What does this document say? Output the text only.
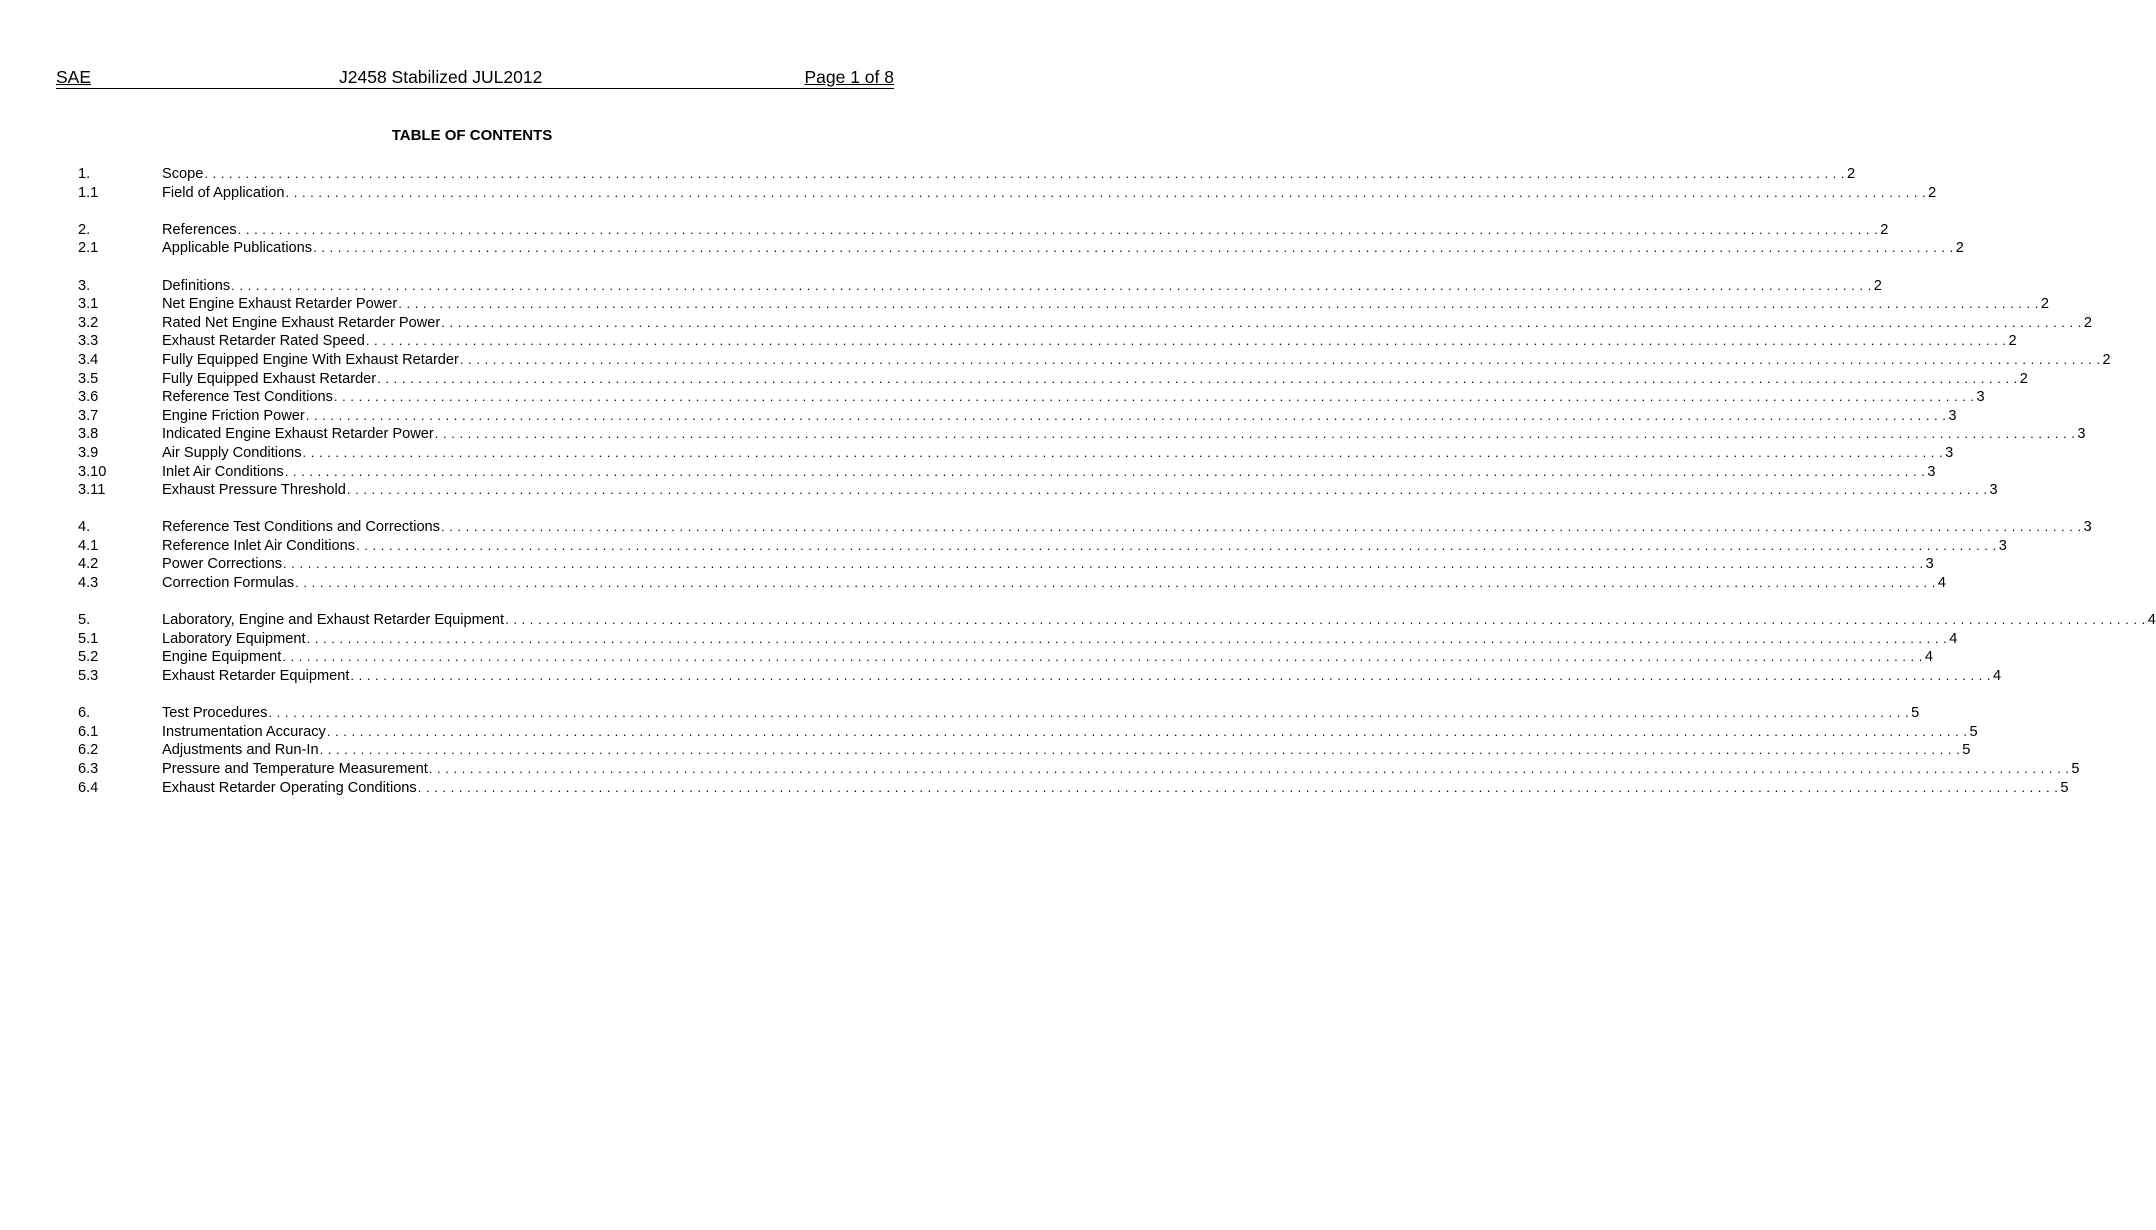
SAE	J2458 Stabilized JUL2012	Page 1 of 8
TABLE OF CONTENTS
1.	Scope . . . . . . . . . . . . . . . . . . . . . . . . . . . . . . . . . . . . . . . . . . . . . . . . . . . . . . . . . . . . . . . . . . . . . . . . . . . . . . . . . . . . . . . . . . . . . . . . . . . . . . . . . . . . . . . . . . . . . . . . . . . . . . . . . . . . . . . . . . . . . . . . . . . . . . . . . . . . . . . . . . . . . . . . . . . . . . . . . . . . . . . . . . . . . . . . . . . . . . . . 2
1.1	Field of Application . . . . . . . . . . . . . . . . . . . . . . . . . . . . . . . . . . . . . . . . . . . . . . . . . . . . . . . . . . . . . . . . . . . . . . . . . . . . . . . . . . . . . . . . . . . . . . . . . . . . . . . . . . . . . . . . . . . . . . . . . . . . . . . . . . . . . . . . . . . . . . . . . . . . . . . . . . . . . . . . . . . . . . . . . . . . . . . . . . . . . . . . . . . . . . . . . . . . . . . . 2
2.	References . . . . . . . . . . . . . . . . . . . . . . . . . . . . . . . . . . . . . . . . . . . . . . . . . . . . . . . . . . . . . . . . . . . . . . . . . . . . . . . . . . . . . . . . . . . . . . . . . . . . . . . . . . . . . . . . . . . . . . . . . . . . . . . . . . . . . . . . . . . . . . . . . . . . . . . . . . . . . . . . . . . . . . . . . . . . . . . . . . . . . . . . . . . . . . . . . . . . . . . . 2
2.1	Applicable Publications . . . . . . . . . . . . . . . . . . . . . . . . . . . . . . . . . . . . . . . . . . . . . . . . . . . . . . . . . . . . . . . . . . . . . . . . . . . . . . . . . . . . . . . . . . . . . . . . . . . . . . . . . . . . . . . . . . . . . . . . . . . . . . . . . . . . . . . . . . . . . . . . . . . . . . . . . . . . . . . . . . . . . . . . . . . . . . . . . . . . . . . . . . . . . . . . . . . . . . . . 2
3.	Definitions . . . . . . . . . . . . . . . . . . . . . . . . . . . . . . . . . . . . . . . . . . . . . . . . . . . . . . . . . . . . . . . . . . . . . . . . . . . . . . . . . . . . . . . . . . . . . . . . . . . . . . . . . . . . . . . . . . . . . . . . . . . . . . . . . . . . . . . . . . . . . . . . . . . . . . . . . . . . . . . . . . . . . . . . . . . . . . . . . . . . . . . . . . . . . . . . . . . . . . . . 2
3.1	Net Engine Exhaust Retarder Power . . . . . . . . . . . . . . . . . . . . . . . . . . . . . . . . . . . . . . . . . . . . . . . . . . . . . . . . . . . . . . . . . . . . . . . . . . . . . . . . . . . . . . . . . . . . . . . . . . . . . . . . . . . . . . . . . . . . . . . . . . . . . . . . . . . . . . . . . . . . . . . . . . . . . . . . . . . . . . . . . . . . . . . . . . . . . . . . . . . . . . . . . . . . . . . . . . . . . . . . 2
3.2	Rated Net Engine Exhaust Retarder Power . . . . . . . . . . . . . . . . . . . . . . . . . . . . . . . . . . . . . . . . . . . . . . . . . . . . . . . . . . . . . . . . . . . . . . . . . . . . . . . . . . . . . . . . . . . . . . . . . . . . . . . . . . . . . . . . . . . . . . . . . . . . . . . . . . . . . . . . . . . . . . . . . . . . . . . . . . . . . . . . . . . . . . . . . . . . . . . . . . . . . . . . . . . . . . . . . . . . . . . . 2
3.3	Exhaust Retarder Rated Speed . . . . . . . . . . . . . . . . . . . . . . . . . . . . . . . . . . . . . . . . . . . . . . . . . . . . . . . . . . . . . . . . . . . . . . . . . . . . . . . . . . . . . . . . . . . . . . . . . . . . . . . . . . . . . . . . . . . . . . . . . . . . . . . . . . . . . . . . . . . . . . . . . . . . . . . . . . . . . . . . . . . . . . . . . . . . . . . . . . . . . . . . . . . . . . . . . . . . . . . . 2
3.4	Fully Equipped Engine With Exhaust Retarder . . . . . . . . . . . . . . . . . . . . . . . . . . . . . . . . . . . . . . . . . . . . . . . . . . . . . . . . . . . . . . . . . . . . . . . . . . . . . . . . . . . . . . . . . . . . . . . . . . . . . . . . . . . . . . . . . . . . . . . . . . . . . . . . . . . . . . . . . . . . . . . . . . . . . . . . . . . . . . . . . . . . . . . . . . . . . . . . . . . . . . . . . . . . . . . . . . . . . . . . 2
3.5	Fully Equipped Exhaust Retarder . . . . . . . . . . . . . . . . . . . . . . . . . . . . . . . . . . . . . . . . . . . . . . . . . . . . . . . . . . . . . . . . . . . . . . . . . . . . . . . . . . . . . . . . . . . . . . . . . . . . . . . . . . . . . . . . . . . . . . . . . . . . . . . . . . . . . . . . . . . . . . . . . . . . . . . . . . . . . . . . . . . . . . . . . . . . . . . . . . . . . . . . . . . . . . . . . . . . . . . . 2
3.6	Reference Test Conditions . . . . . . . . . . . . . . . . . . . . . . . . . . . . . . . . . . . . . . . . . . . . . . . . . . . . . . . . . . . . . . . . . . . . . . . . . . . . . . . . . . . . . . . . . . . . . . . . . . . . . . . . . . . . . . . . . . . . . . . . . . . . . . . . . . . . . . . . . . . . . . . . . . . . . . . . . . . . . . . . . . . . . . . . . . . . . . . . . . . . . . . . . . . . . . . . . . . . . . . . 3
3.7	Engine Friction Power . . . . . . . . . . . . . . . . . . . . . . . . . . . . . . . . . . . . . . . . . . . . . . . . . . . . . . . . . . . . . . . . . . . . . . . . . . . . . . . . . . . . . . . . . . . . . . . . . . . . . . . . . . . . . . . . . . . . . . . . . . . . . . . . . . . . . . . . . . . . . . . . . . . . . . . . . . . . . . . . . . . . . . . . . . . . . . . . . . . . . . . . . . . . . . . . . . . . . . . . 3
3.8	Indicated Engine Exhaust Retarder Power . . . . . . . . . . . . . . . . . . . . . . . . . . . . . . . . . . . . . . . . . . . . . . . . . . . . . . . . . . . . . . . . . . . . . . . . . . . . . . . . . . . . . . . . . . . . . . . . . . . . . . . . . . . . . . . . . . . . . . . . . . . . . . . . . . . . . . . . . . . . . . . . . . . . . . . . . . . . . . . . . . . . . . . . . . . . . . . . . . . . . . . . . . . . . . . . . . . . . . . . 3
3.9	Air Supply Conditions . . . . . . . . . . . . . . . . . . . . . . . . . . . . . . . . . . . . . . . . . . . . . . . . . . . . . . . . . . . . . . . . . . . . . . . . . . . . . . . . . . . . . . . . . . . . . . . . . . . . . . . . . . . . . . . . . . . . . . . . . . . . . . . . . . . . . . . . . . . . . . . . . . . . . . . . . . . . . . . . . . . . . . . . . . . . . . . . . . . . . . . . . . . . . . . . . . . . . . . . 3
3.10	Inlet Air Conditions . . . . . . . . . . . . . . . . . . . . . . . . . . . . . . . . . . . . . . . . . . . . . . . . . . . . . . . . . . . . . . . . . . . . . . . . . . . . . . . . . . . . . . . . . . . . . . . . . . . . . . . . . . . . . . . . . . . . . . . . . . . . . . . . . . . . . . . . . . . . . . . . . . . . . . . . . . . . . . . . . . . . . . . . . . . . . . . . . . . . . . . . . . . . . . . . . . . . . . . . 3
3.11	Exhaust Pressure Threshold . . . . . . . . . . . . . . . . . . . . . . . . . . . . . . . . . . . . . . . . . . . . . . . . . . . . . . . . . . . . . . . . . . . . . . . . . . . . . . . . . . . . . . . . . . . . . . . . . . . . . . . . . . . . . . . . . . . . . . . . . . . . . . . . . . . . . . . . . . . . . . . . . . . . . . . . . . . . . . . . . . . . . . . . . . . . . . . . . . . . . . . . . . . . . . . . . . . . . . . . 3
4.	Reference Test Conditions and Corrections . . . . . . . . . . . . . . . . . . . . . . . . . . . . . . . . . . . . . . . . . . . . . . . . . . . . . . . . . . . . . . . . . . . . . . . . . . . . . . . . . . . . . . . . . . . . . . . . . . . . . . . . . . . . . . . . . . . . . . . . . . . . . . . . . . . . . . . . . . . . . . . . . . . . . . . . . . . . . . . . . . . . . . . . . . . . . . . . . . . . . . . . . . . . . . . . . . . . . . . . 3
4.1	Reference Inlet Air Conditions . . . . . . . . . . . . . . . . . . . . . . . . . . . . . . . . . . . . . . . . . . . . . . . . . . . . . . . . . . . . . . . . . . . . . . . . . . . . . . . . . . . . . . . . . . . . . . . . . . . . . . . . . . . . . . . . . . . . . . . . . . . . . . . . . . . . . . . . . . . . . . . . . . . . . . . . . . . . . . . . . . . . . . . . . . . . . . . . . . . . . . . . . . . . . . . . . . . . . . . . 3
4.2	Power Corrections . . . . . . . . . . . . . . . . . . . . . . . . . . . . . . . . . . . . . . . . . . . . . . . . . . . . . . . . . . . . . . . . . . . . . . . . . . . . . . . . . . . . . . . . . . . . . . . . . . . . . . . . . . . . . . . . . . . . . . . . . . . . . . . . . . . . . . . . . . . . . . . . . . . . . . . . . . . . . . . . . . . . . . . . . . . . . . . . . . . . . . . . . . . . . . . . . . . . . . . . 3
4.3	Correction Formulas . . . . . . . . . . . . . . . . . . . . . . . . . . . . . . . . . . . . . . . . . . . . . . . . . . . . . . . . . . . . . . . . . . . . . . . . . . . . . . . . . . . . . . . . . . . . . . . . . . . . . . . . . . . . . . . . . . . . . . . . . . . . . . . . . . . . . . . . . . . . . . . . . . . . . . . . . . . . . . . . . . . . . . . . . . . . . . . . . . . . . . . . . . . . . . . . . . . . . . . . 4
5.	Laboratory, Engine and Exhaust Retarder Equipment . . . . . . . . . . . . . . . . . . . . . . . . . . . . . . . . . . . . . . . . . . . . . . . . . . . . . . . . . . . . . . . . . . . . . . . . . . . . . . . . . . . . . . . . . . . . . . . . . . . . . . . . . . . . . . . . . . . . . . . . . . . . . . . . . . . . . . . . . . . . . . . . . . . . . . . . . . . . . . . . . . . . . . . . . . . . . . . . . . . . . . . . . . . . . . . . . . . . . . . . 4
5.1	Laboratory Equipment . . . . . . . . . . . . . . . . . . . . . . . . . . . . . . . . . . . . . . . . . . . . . . . . . . . . . . . . . . . . . . . . . . . . . . . . . . . . . . . . . . . . . . . . . . . . . . . . . . . . . . . . . . . . . . . . . . . . . . . . . . . . . . . . . . . . . . . . . . . . . . . . . . . . . . . . . . . . . . . . . . . . . . . . . . . . . . . . . . . . . . . . . . . . . . . . . . . . . . . . 4
5.2	Engine Equipment . . . . . . . . . . . . . . . . . . . . . . . . . . . . . . . . . . . . . . . . . . . . . . . . . . . . . . . . . . . . . . . . . . . . . . . . . . . . . . . . . . . . . . . . . . . . . . . . . . . . . . . . . . . . . . . . . . . . . . . . . . . . . . . . . . . . . . . . . . . . . . . . . . . . . . . . . . . . . . . . . . . . . . . . . . . . . . . . . . . . . . . . . . . . . . . . . . . . . . . . 4
5.3	Exhaust Retarder Equipment . . . . . . . . . . . . . . . . . . . . . . . . . . . . . . . . . . . . . . . . . . . . . . . . . . . . . . . . . . . . . . . . . . . . . . . . . . . . . . . . . . . . . . . . . . . . . . . . . . . . . . . . . . . . . . . . . . . . . . . . . . . . . . . . . . . . . . . . . . . . . . . . . . . . . . . . . . . . . . . . . . . . . . . . . . . . . . . . . . . . . . . . . . . . . . . . . . . . . . . . 4
6.	Test Procedures . . . . . . . . . . . . . . . . . . . . . . . . . . . . . . . . . . . . . . . . . . . . . . . . . . . . . . . . . . . . . . . . . . . . . . . . . . . . . . . . . . . . . . . . . . . . . . . . . . . . . . . . . . . . . . . . . . . . . . . . . . . . . . . . . . . . . . . . . . . . . . . . . . . . . . . . . . . . . . . . . . . . . . . . . . . . . . . . . . . . . . . . . . . . . . . . . . . . . . . . 5
6.1	Instrumentation Accuracy . . . . . . . . . . . . . . . . . . . . . . . . . . . . . . . . . . . . . . . . . . . . . . . . . . . . . . . . . . . . . . . . . . . . . . . . . . . . . . . . . . . . . . . . . . . . . . . . . . . . . . . . . . . . . . . . . . . . . . . . . . . . . . . . . . . . . . . . . . . . . . . . . . . . . . . . . . . . . . . . . . . . . . . . . . . . . . . . . . . . . . . . . . . . . . . . . . . . . . . . 5
6.2	Adjustments and Run-In . . . . . . . . . . . . . . . . . . . . . . . . . . . . . . . . . . . . . . . . . . . . . . . . . . . . . . . . . . . . . . . . . . . . . . . . . . . . . . . . . . . . . . . . . . . . . . . . . . . . . . . . . . . . . . . . . . . . . . . . . . . . . . . . . . . . . . . . . . . . . . . . . . . . . . . . . . . . . . . . . . . . . . . . . . . . . . . . . . . . . . . . . . . . . . . . . . . . . . . . 5
6.3	Pressure and Temperature Measurement . . . . . . . . . . . . . . . . . . . . . . . . . . . . . . . . . . . . . . . . . . . . . . . . . . . . . . . . . . . . . . . . . . . . . . . . . . . . . . . . . . . . . . . . . . . . . . . . . . . . . . . . . . . . . . . . . . . . . . . . . . . . . . . . . . . . . . . . . . . . . . . . . . . . . . . . . . . . . . . . . . . . . . . . . . . . . . . . . . . . . . . . . . . . . . . . . . . . . . . . 5
6.4	Exhaust Retarder Operating Conditions . . . . . . . . . . . . . . . . . . . . . . . . . . . . . . . . . . . . . . . . . . . . . . . . . . . . . . . . . . . . . . . . . . . . . . . . . . . . . . . . . . . . . . . . . . . . . . . . . . . . . . . . . . . . . . . . . . . . . . . . . . . . . . . . . . . . . . . . . . . . . . . . . . . . . . . . . . . . . . . . . . . . . . . . . . . . . . . . . . . . . . . . . . . . . . . . . . . . . . . . 5
